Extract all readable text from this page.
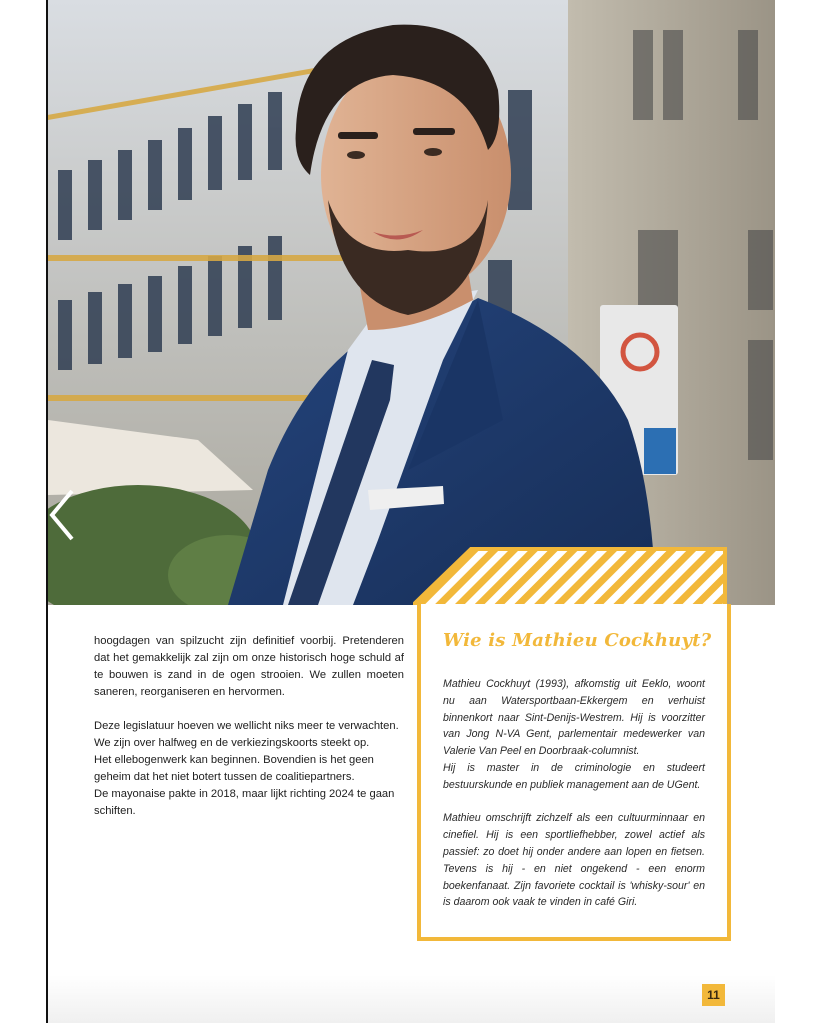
hoogdagen van spilzucht zijn definitief voorbij. Pretenderen dat het gemakkelijk zal zijn om onze historisch hoge schuld af te bouwen is zand in de ogen strooien. We zullen moeten saneren, reorganiseren en hervormen.

Deze legislatuur hoeven we wellicht niks meer te verwachten. We zijn over halfweg en de verkiezingskoorts steekt op.
Het ellebogenwerk kan beginnen. Bovendien is het geen geheim dat het niet botert tussen de coalitiepartners.
De mayonaise pakte in 2018, maar lijkt richting 2024 te gaan schiften.

Wie is Mathieu Cockhuyt?

Mathieu Cockhuyt (1993), afkomstig uit Eeklo, woont nu aan Watersportbaan-Ekkergem en verhuist binnenkort naar Sint-Denijs-Westrem. Hij is voorzitter van Jong N-VA Gent, parlementair medewerker van Valerie Van Peel en Doorbraak-columnist.
Hij is master in de criminologie en studeert bestuurskunde en publiek management aan de UGent.

Mathieu omschrijft zichzelf als een cultuurminnaar en cinefiel. Hij is een sportliefhebber, zowel actief als passief: zo doet hij onder andere aan lopen en fietsen. Tevens is hij - en niet ongekend - een enorm boekenfanaat. Zijn favoriete cocktail is 'whisky-sour' en is daarom ook vaak te vinden in café Giri.

11
